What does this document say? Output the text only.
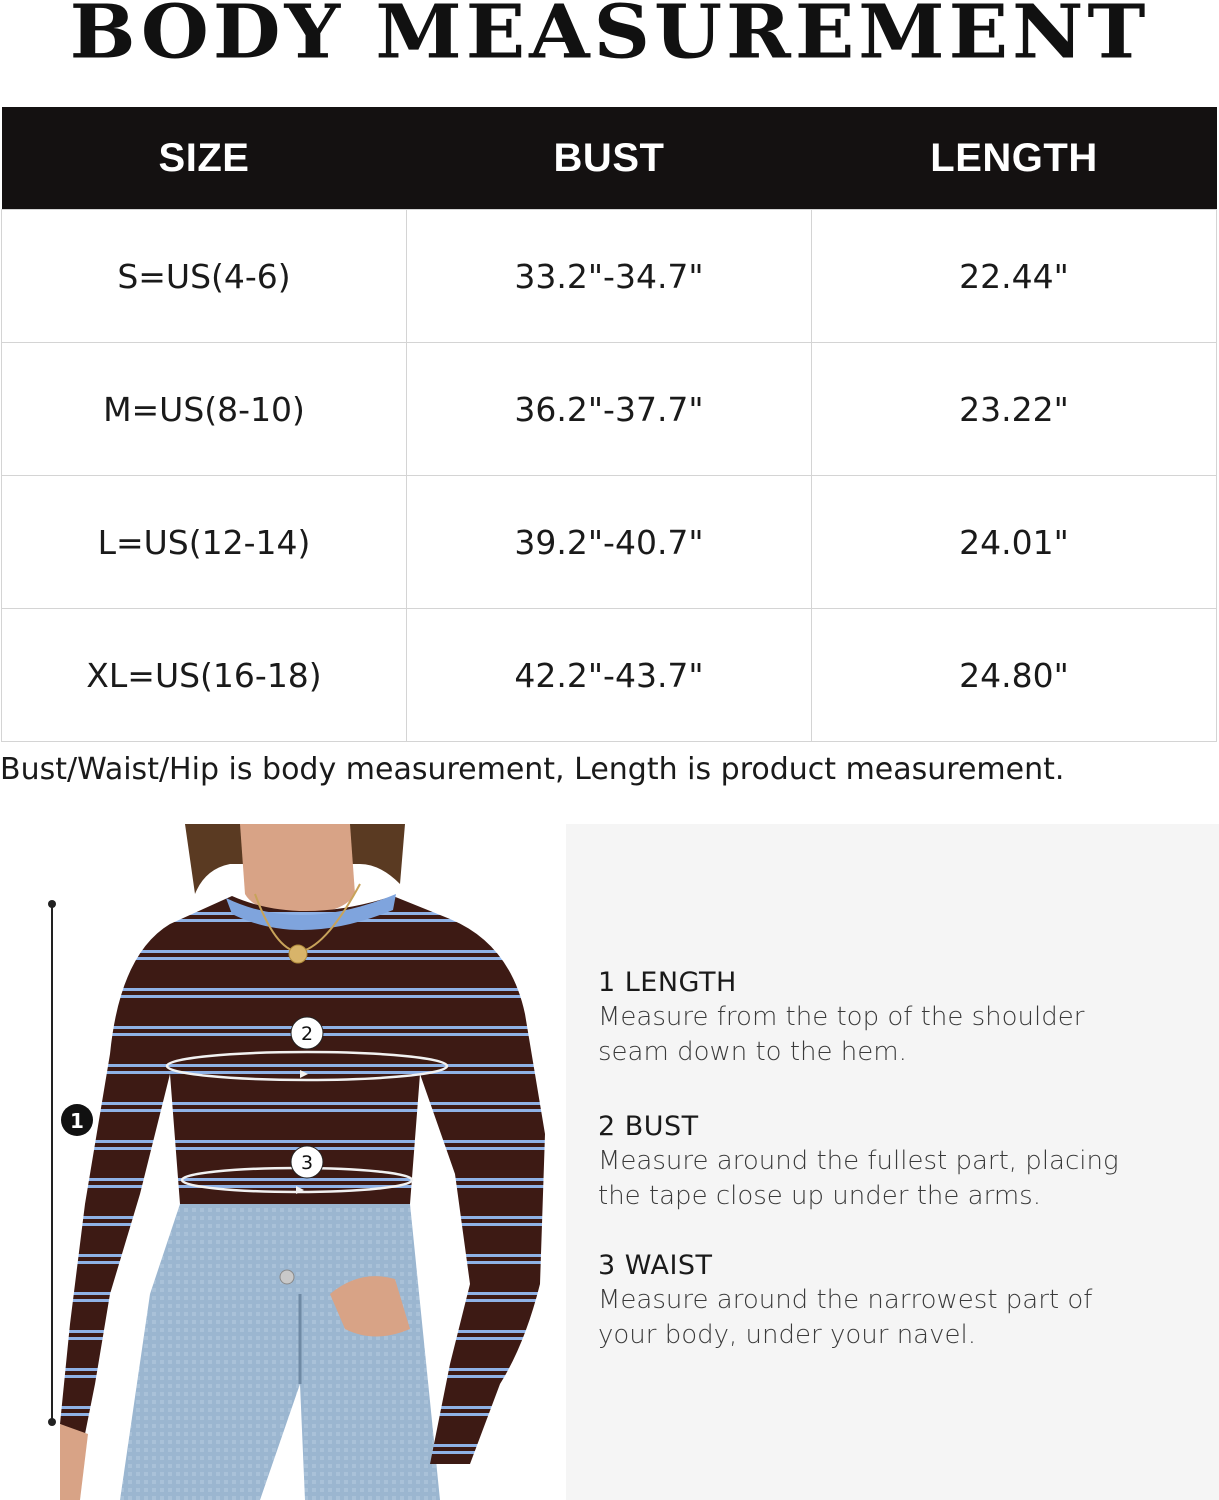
BODY MEASUREMENT
SIZE	BUST	LENGTH
S=US(4-6)	33.2"-34.7"	22.44"
M=US(8-10)	36.2"-37.7"	23.22"
L=US(12-14)	39.2"-40.7"	24.01"
XL=US(16-18)	42.2"-43.7"	24.80"
Bust/Waist/Hip is body measurement, Length is product measurement.
1
2
3
1 LENGTH
Measure from the top of the shoulder
seam down to the hem.
2 BUST
Measure around the fullest part, placing
the tape close up under the arms.
3 WAIST
Measure around the narrowest part of
your body, under your navel.
